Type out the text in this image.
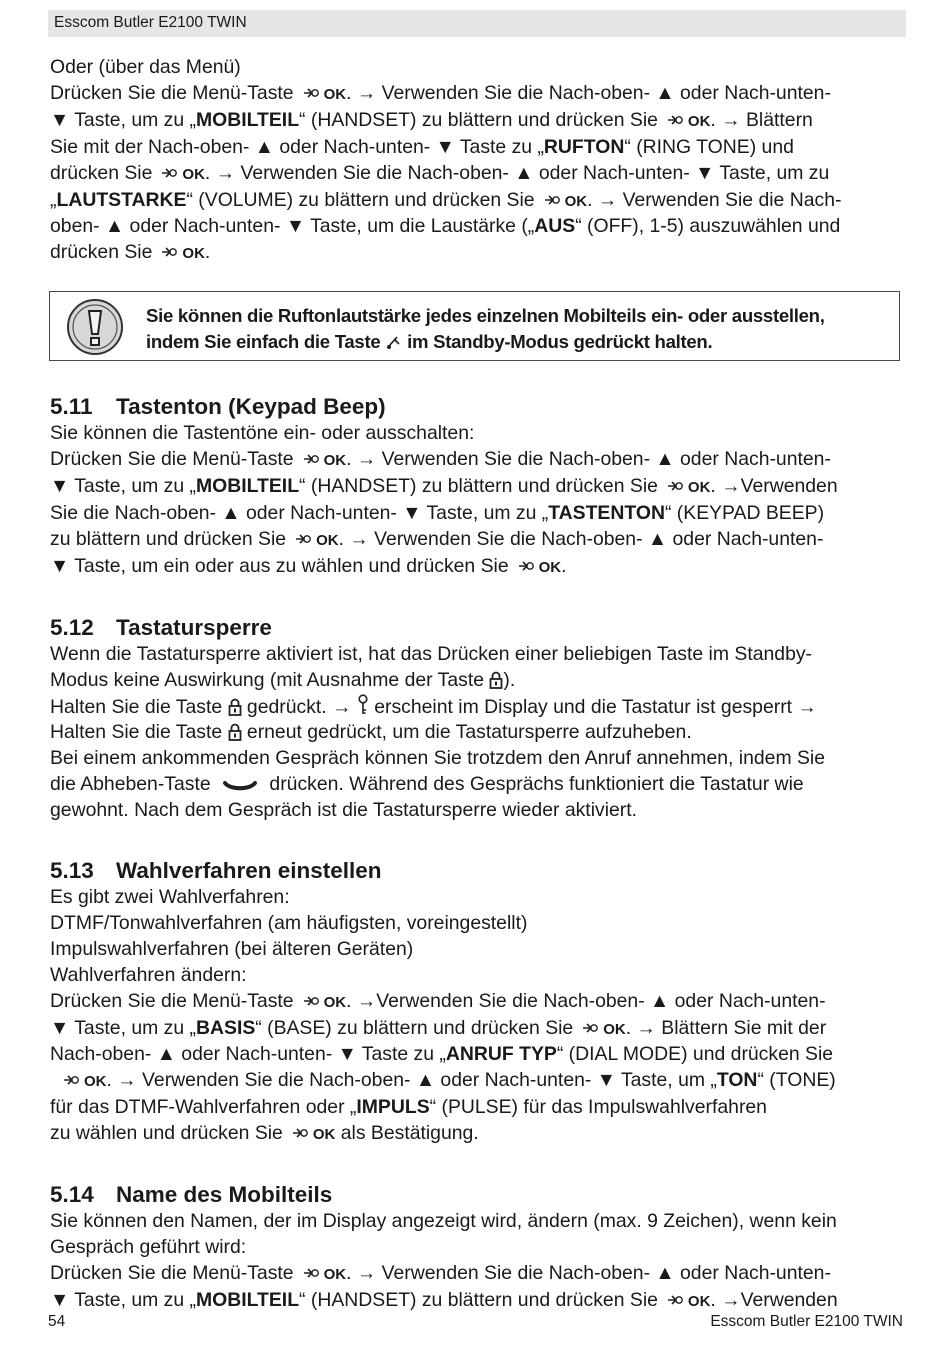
Esscom Butler E2100 TWIN

Oder (über das Menü)

Drücken Sie die Menü-Taste OK. → Verwenden Sie die Nach-oben- ▲ oder Nach-unten-

▼ Taste, um zu „MOBILTEIL“ (HANDSET) zu blättern und drücken Sie OK. → Blättern

Sie mit der Nach-oben- ▲ oder Nach-unten- ▼ Taste zu „RUFTON“ (RING TONE) und

drücken Sie OK. → Verwenden Sie die Nach-oben- ▲ oder Nach-unten- ▼ Taste, um zu

„LAUTSTARKE“ (VOLUME) zu blättern und drücken Sie OK. → Verwenden Sie die Nach-

oben- ▲ oder Nach-unten- ▼ Taste, um die Laustärke („AUS“ (OFF), 1-5) auszuwählen und

drücken Sie OK.

Sie können die Ruftonlautstärke jedes einzelnen Mobilteils ein- oder ausstellen,
indem Sie einfach die Taste im Standby-Modus gedrückt halten.
5.11 Tastenton (Keypad Beep)

Sie können die Tastentöne ein- oder ausschalten:

Drücken Sie die Menü-Taste OK. → Verwenden Sie die Nach-oben- ▲ oder Nach-unten-

▼ Taste, um zu „MOBILTEIL“ (HANDSET) zu blättern und drücken Sie OK. →Verwenden

Sie die Nach-oben- ▲ oder Nach-unten- ▼ Taste, um zu „TASTENTON“ (KEYPAD BEEP)

zu blättern und drücken Sie OK. → Verwenden Sie die Nach-oben- ▲ oder Nach-unten-

▼ Taste, um ein oder aus zu wählen und drücken Sie OK.

5.12 Tastatursperre

Wenn die Tastatursperre aktiviert ist, hat das Drücken einer beliebigen Taste im Standby-

Modus keine Auswirkung (mit Ausnahme der Taste ).

Halten Sie die Taste gedrückt. → erscheint im Display und die Tastatur ist gesperrt →

Halten Sie die Taste erneut gedrückt, um die Tastatursperre aufzuheben.

Bei einem ankommenden Gespräch können Sie trotzdem den Anruf annehmen, indem Sie

die Abheben-Taste	drücken. Während des Gesprächs funktioniert die Tastatur wie

gewohnt. Nach dem Gespräch ist die Tastatursperre wieder aktiviert.

5.13 Wahlverfahren einstellen

Es gibt zwei Wahlverfahren:

DTMF/Tonwahlverfahren (am häufigsten, voreingestellt)

Impulswahlverfahren (bei älteren Geräten)

Wahlverfahren ändern:

Drücken Sie die Menü-Taste OK. →Verwenden Sie die Nach-oben- ▲ oder Nach-unten-

▼ Taste, um zu „BASIS“ (BASE) zu blättern und drücken Sie OK. → Blättern Sie mit der

Nach-oben- ▲ oder Nach-unten- ▼ Taste zu „ANRUF TYP“ (DIAL MODE) und drücken Sie

OK. → Verwenden Sie die Nach-oben- ▲ oder Nach-unten- ▼ Taste, um „TON“ (TONE)

für das DTMF-Wahlverfahren oder „IMPULS“ (PULSE) für das Impulswahlverfahren

zu wählen und drücken Sie OK als Bestätigung.

5.14 Name des Mobilteils

Sie können den Namen, der im Display angezeigt wird, ändern (max. 9 Zeichen), wenn kein

Gespräch geführt wird:

Drücken Sie die Menü-Taste OK. → Verwenden Sie die Nach-oben- ▲ oder Nach-unten-

▼ Taste, um zu „MOBILTEIL“ (HANDSET) zu blättern und drücken Sie OK. →Verwenden

54	Esscom Butler E2100 TWIN
